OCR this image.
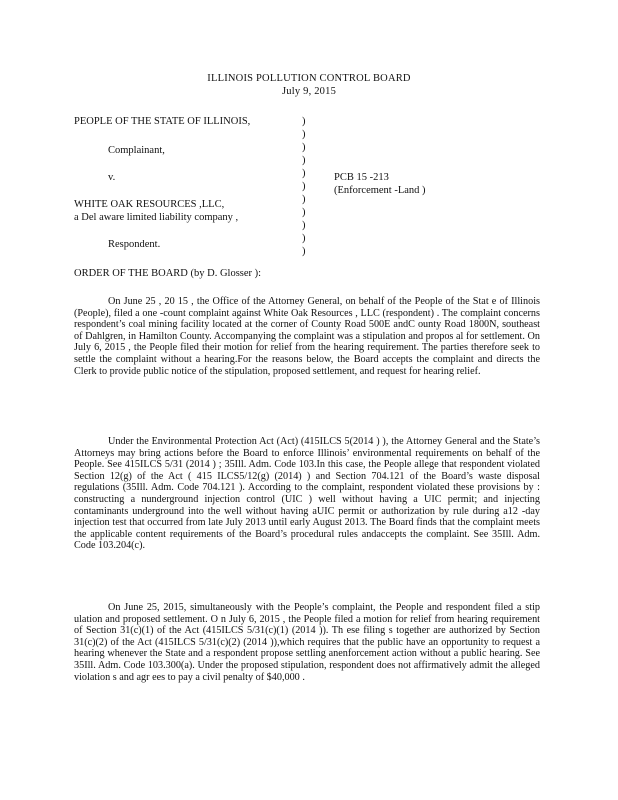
ILLINOIS POLLUTION CONTROL BOARD
July 9, 2015
PEOPLE OF THE STATE OF ILLINOIS,
Complainant,
v.
WHITE OAK RESOURCES ,LLC,
a Del aware limited liability company ,
Respondent.
PCB 15 -213
(Enforcement -Land )
)
)
)
)
)
)
)
)
)
)
)
ORDER OF THE BOARD (by D. Glosser ):
On June 25 , 20 15 , the Office of the Attorney General, on behalf of the People of the Stat e of Illinois (People), filed a one -count complaint against White Oak Resources , LLC (respondent) . The complaint concerns respondent’s coal mining facility located at the corner of County Road 500E andC ounty Road 1800N, southeast of Dahlgren, in Hamilton County. Accompanying the complaint was a stipulation and propos al for settlement. On July 6, 2015 , the People filed their motion for relief from the hearing requirement. The parties therefore seek to settle the complaint without a hearing.For the reasons below, the Board accepts the complaint and directs the Clerk to provide public notice of the stipulation, proposed settlement, and request for hearing relief.
Under the Environmental Protection Act (Act) (415ILCS 5(2014 ) ), the Attorney General and the State’s Attorneys may bring actions before the Board to enforce Illinois’ environmental requirements on behalf of the People. See 415ILCS 5/31 (2014 ) ; 35Ill. Adm. Code 103.In this case, the People allege that respondent violated Section 12(g) of the Act ( 415 ILCS5/12(g) (2014) ) and Section 704.121 of the Board’s waste disposal regulations (35Ill. Adm. Code 704.121 ). According to the complaint, respondent violated these provisions by : constructing a nunderground injection control (UIC ) well without having a UIC permit; and injecting contaminants underground into the well without having aUIC permit or authorization by rule during a12 -day injection test that occurred from late July 2013 until early August 2013. The Board finds that the complaint meets the applicable content requirements of the Board’s procedural rules andaccepts the complaint. See 35Ill. Adm. Code 103.204(c).
On June 25, 2015, simultaneously with the People’s complaint, the People and respondent filed a stip ulation and proposed settlement. O n July 6, 2015 , the People filed a motion for relief from hearing requirement of Section 31(c)(1) of the Act (415ILCS 5/31(c)(1) (2014 )). Th ese filing s together are authorized by Section 31(c)(2) of the Act (415ILCS 5/31(c)(2) (2014 )),which requires that the public have an opportunity to request a hearing whenever the State and a respondent propose settling anenforcement action without a public hearing. See 35Ill. Adm. Code 103.300(a). Under the proposed stipulation, respondent does not affirmatively admit the alleged violation s and agr ees to pay a civil penalty of $40,000 .
